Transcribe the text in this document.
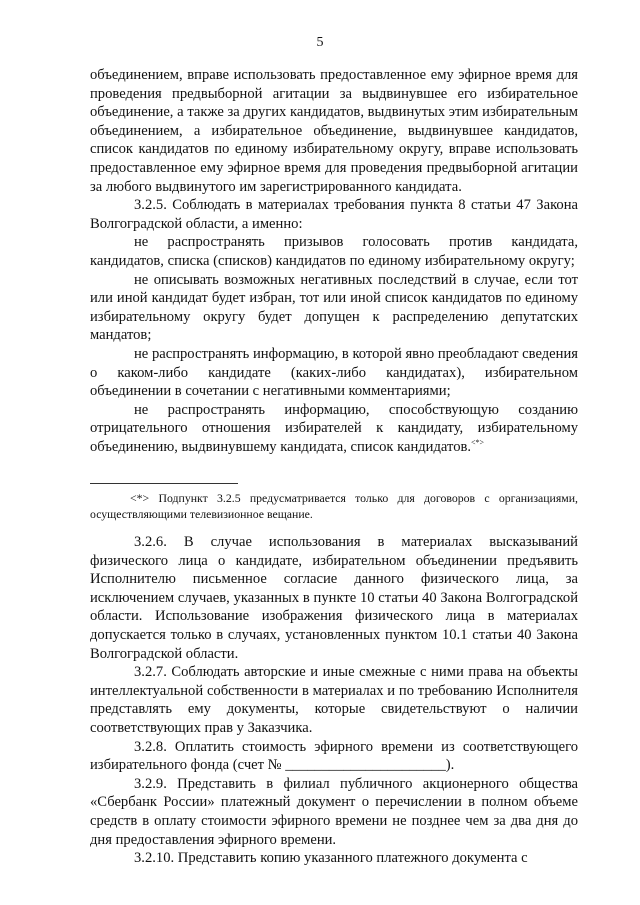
5

объединением, вправе использовать предоставленное ему эфирное время для проведения предвыборной агитации за выдвинувшее его избирательное объединение, а также за других кандидатов, выдвинутых этим избирательным объединением, а избирательное объединение, выдвинувшее кандидатов, список кандидатов по единому избирательному округу, вправе использовать предоставленное ему эфирное время для проведения предвыборной агитации за любого выдвинутого им зарегистрированного кандидата.

3.2.5. Соблюдать в материалах требования пункта 8 статьи 47 Закона Волгоградской области, а именно:

не распространять призывов голосовать против кандидата, кандидатов, списка (списков) кандидатов по единому избирательному округу;

не описывать возможных негативных последствий в случае, если тот или иной кандидат будет избран, тот или иной список кандидатов по единому избирательному округу будет допущен к распределению депутатских мандатов;

не распространять информацию, в которой явно преобладают сведения о каком-либо кандидате (каких-либо кандидатах), избирательном объединении в сочетании с негативными комментариями;

не распространять информацию, способствующую созданию отрицательного отношения избирателей к кандидату, избирательному объединению, выдвинувшему кандидата, список кандидатов.<*>

<*> Подпункт 3.2.5 предусматривается только для договоров с организациями, осуществляющими телевизионное вещание.

3.2.6. В случае использования в материалах высказываний физического лица о кандидате, избирательном объединении предъявить Исполнителю письменное согласие данного физического лица, за исключением случаев, указанных в пункте 10 статьи 40 Закона Волгоградской области. Использование изображения физического лица в материалах допускается только в случаях, установленных пунктом 10.1 статьи 40 Закона Волгоградской области.

3.2.7. Соблюдать авторские и иные смежные с ними права на объекты интеллектуальной собственности в материалах и по требованию Исполнителя представлять ему документы, которые свидетельствуют о наличии соответствующих прав у Заказчика.

3.2.8. Оплатить стоимость эфирного времени из соответствующего избирательного фонда (счет № ______________________).

3.2.9. Представить в филиал публичного акционерного общества «Сбербанк России» платежный документ о перечислении в полном объеме средств в оплату стоимости эфирного времени не позднее чем за два дня до дня предоставления эфирного времени.

3.2.10. Представить копию указанного платежного документа с
